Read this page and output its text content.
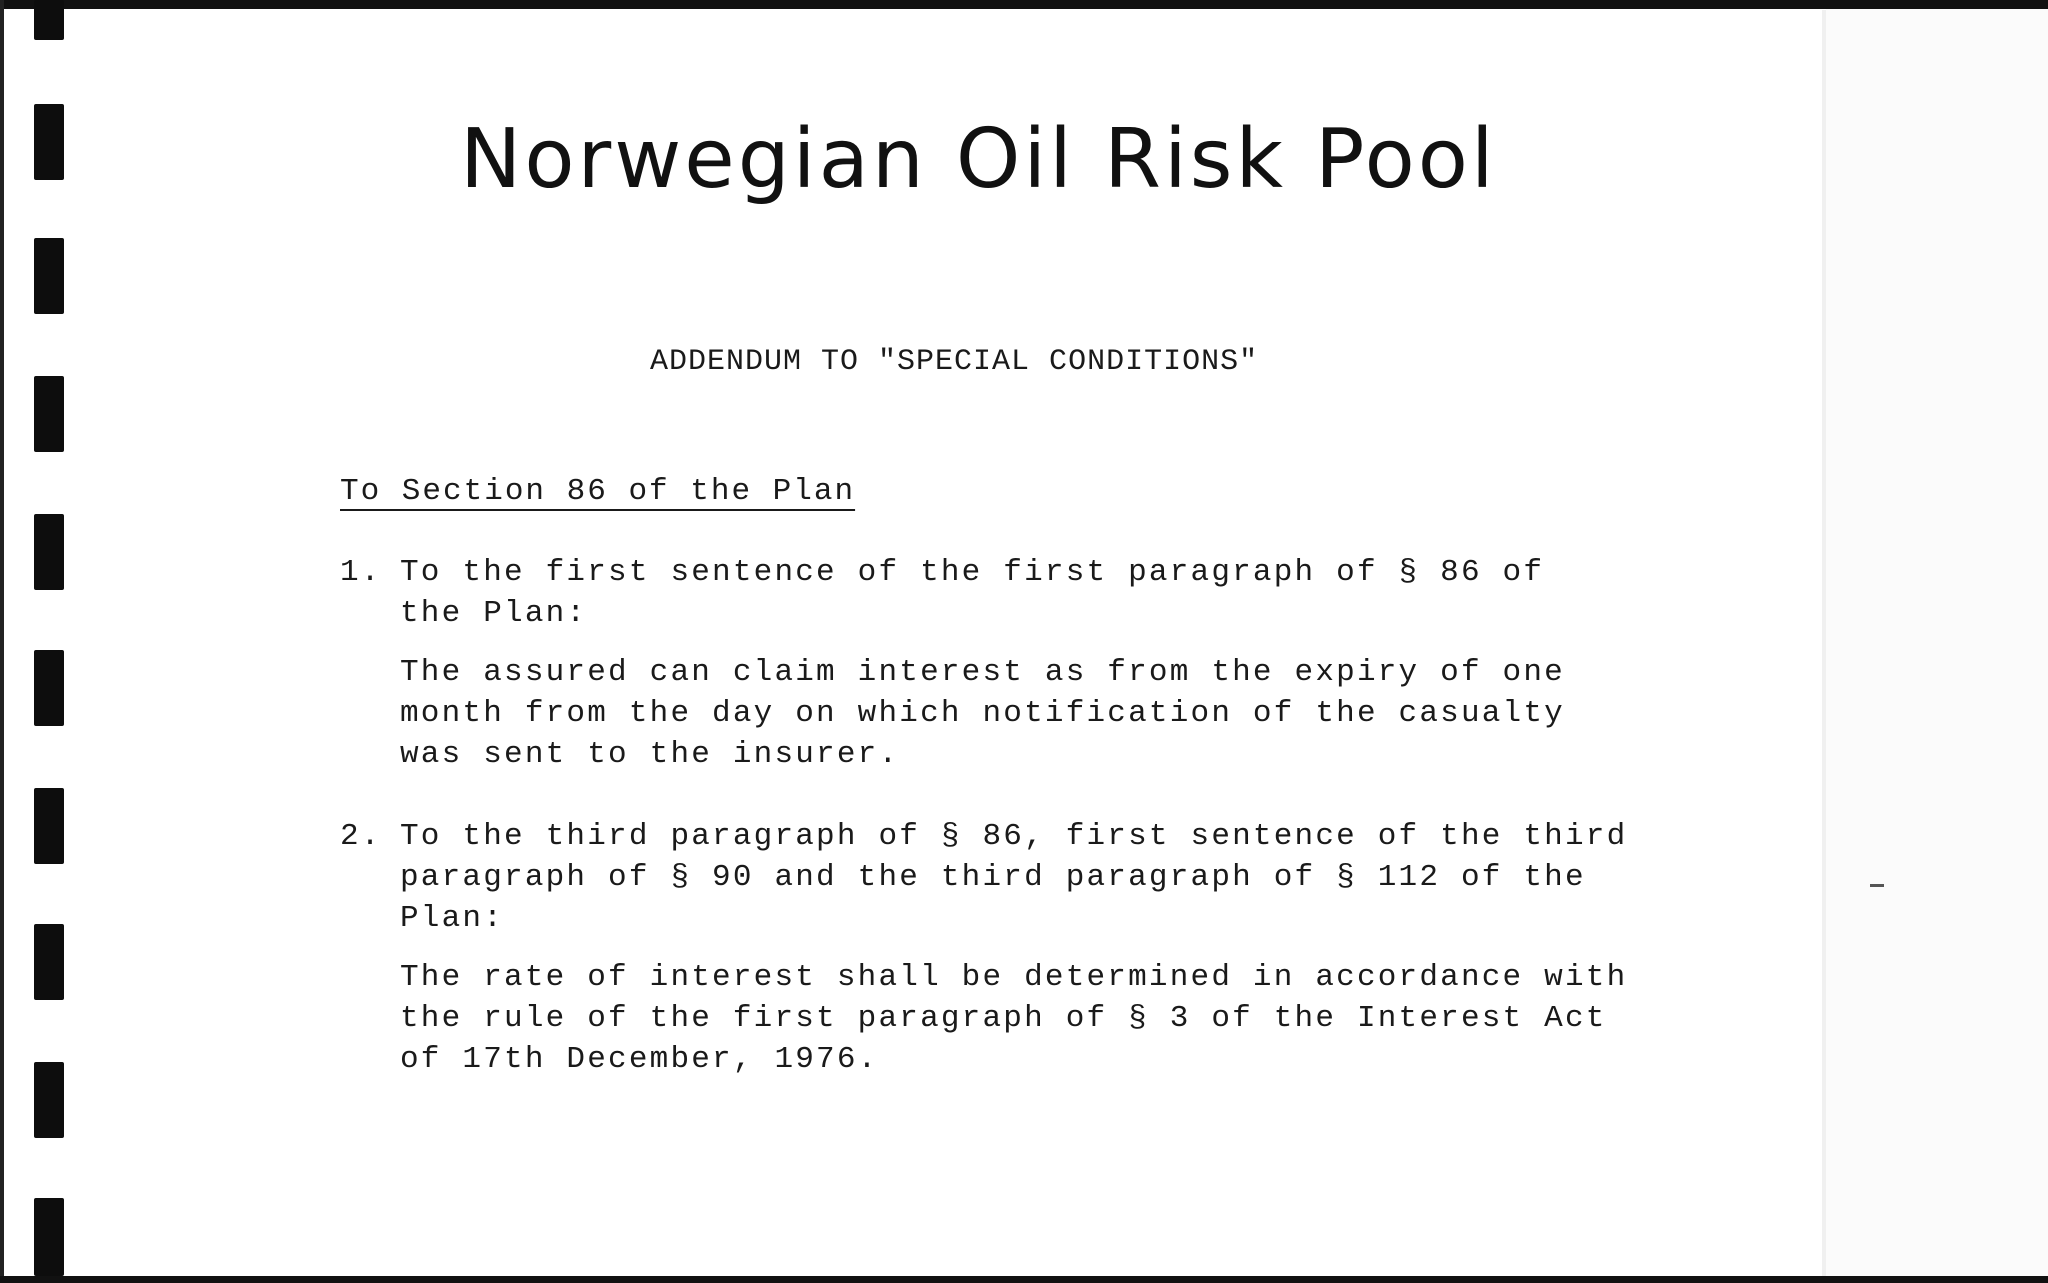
Norwegian Oil Risk Pool
ADDENDUM TO "SPECIAL CONDITIONS"
To Section 86 of the Plan
1. To the first sentence of the first paragraph of § 86 of
the Plan:
The assured can claim interest as from the expiry of one
month from the day on which notification of the casualty
was sent to the insurer.
2. To the third paragraph of § 86, first sentence of the third
paragraph of § 90 and the third paragraph of § 112 of the
Plan:
The rate of interest shall be determined in accordance with
the rule of the first paragraph of § 3 of the Interest Act
of 17th December, 1976.
